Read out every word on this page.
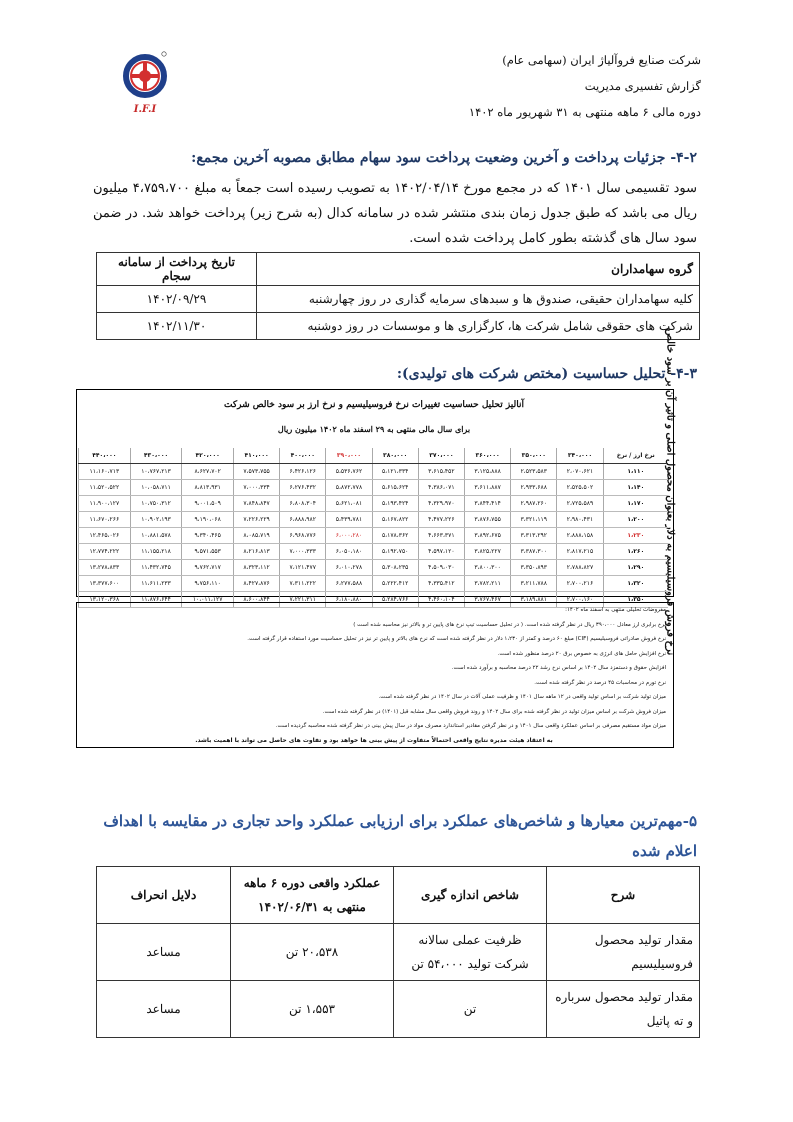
شرکت صنایع فروآلیاژ ایران (سهامی عام)
گزارش تفسیری مدیریت
دوره مالی ۶ ماهه منتهی به ۳۱ شهریور ماه ۱۴۰۲
I.F.I
۴-۲- جزئیات پرداخت و آخرین وضعیت پرداخت سود سهام مطابق مصوبه آخرین مجمع:
سود تقسیمی سال ۱۴۰۱ که در مجمع مورخ ۱۴۰۲/۰۴/۱۴ به تصویب رسیده است جمعاً به مبلغ ۴،۷۵۹،۷۰۰ میلیون ریال می باشد که طبق جدول زمان بندی منتشر شده در سامانه کدال (به شرح زیر) پرداخت خواهد شد. در ضمن سود سال های گذشته بطور کامل پرداخت شده است.
گروه سهامداران	تاریخ پرداخت از سامانه سجام
کلیه سهامداران حقیقی، صندوق ها و سبدهای سرمایه گذاری در روز چهارشنبه	۱۴۰۲/۰۹/۲۹
شرکت های حقوقی شامل شرکت ها، کارگزاری ها و موسسات در روز دوشنبه	۱۴۰۲/۱۱/۳۰
۴-۳- تحلیل حساسیت (مختص شرکت های تولیدی):
آنالیز تحلیل حساسیت تغییرات نرخ فروسیلیسیم و نرخ ارز بر سود خالص شرکت
برای سال مالی منتهی به ۲۹ اسفند ماه ۱۴۰۲ میلیون ریال	نرخ فروش فروسیلیسیم به دلار بعنوان محصول اصلی و تاثیر آن بر سود خالص
نرخ ارز / نرخ	۳۴۰،۰۰۰	۳۵۰،۰۰۰	۳۶۰،۰۰۰	۳۷۰،۰۰۰	۳۸۰،۰۰۰	۳۹۰،۰۰۰	۴۰۰،۰۰۰	۴۱۰،۰۰۰	۴۲۰،۰۰۰	۴۳۰،۰۰۰	۴۴۰،۰۰۰
۱،۱۱۰	۲،۰۷۰،۶۲۱	۲،۵۲۳،۵۸۳	۳،۱۲۵،۸۸۸	۳،۶۱۵،۴۵۲	۵،۱۲۱،۳۳۴	۵،۵۳۶،۷۶۲	۶،۴۲۶،۱۲۶	۷،۵۷۳،۷۵۵	۸،۶۲۷،۷۰۲	۱۰،۷۶۷،۲۱۳	۱۱،۱۶۰،۷۱۳
۱،۱۴۰	۲،۵۲۵،۵۰۲	۲،۹۳۳،۶۸۸	۳،۶۱۱،۸۸۷	۴،۳۸۶،۰۷۱	۵،۶۱۵،۶۲۴	۵،۸۷۲،۷۷۸	۶،۲۷۶،۴۳۲	۷،۰۰۰،۳۳۴	۸،۸۱۳،۹۳۱	۱۰،۰۵۸،۷۱۱	۱۱،۵۲۰،۵۲۲
۱،۱۷۰	۲،۷۲۵،۵۸۹	۲،۹۸۷،۲۶۰	۳،۸۴۴،۴۱۴	۴،۳۲۹،۹۷۰	۵،۱۹۳،۴۲۴	۵،۶۲۱،۰۸۱	۶،۸۰۸،۳۰۴	۷،۸۴۸،۸۴۷	۹،۰۰۱،۵۰۹	۱۰،۷۵۰،۳۱۲	۱۱،۹۰۰،۱۲۷
۱،۲۰۰	۲،۹۸۰،۴۳۱	۳،۳۲۱،۱۱۹	۳،۸۷۶،۷۵۵	۴،۴۷۷،۲۲۶	۵،۱۶۷،۸۲۲	۵،۴۳۹،۷۸۱	۶،۸۸۸،۹۸۲	۷،۲۲۶،۲۲۹	۹،۱۹۰،۰۶۸	۱۰،۹۰۲،۱۹۳	۱۱،۶۷۰،۲۶۶
۱،۲۳۰	۲،۸۸۸،۱۵۸	۳،۳۱۳،۲۹۲	۳،۸۹۲،۶۷۵	۴،۶۶۳،۳۷۱	۵،۱۷۸،۳۶۲	۶،۰۰۰،۲۸۰	۶،۹۶۸،۷۷۶	۸،۰۸۵،۷۱۹	۹،۳۴۰،۴۶۵	۱۰،۸۸۱،۵۷۸	۱۲،۴۶۵،۰۲۶
۱،۲۶۰	۲،۸۱۷،۲۱۵	۳،۳۸۷،۳۰۰	۳،۸۲۵،۲۲۷	۴،۵۹۷،۱۲۰	۵،۱۹۲،۷۵۰	۶،۰۵۰،۱۸۰	۷،۰۰۰،۳۳۳	۸،۲۱۶،۸۱۳	۹،۵۷۱،۵۵۳	۱۱،۱۵۵،۲۱۸	۱۲،۷۷۴،۲۲۲
۱،۲۹۰	۲،۷۸۸،۸۲۷	۳،۳۵۰،۸۹۳	۳،۸۰۰،۳۰۰	۴،۵۰۹،۰۳۰	۵،۳۰۸،۲۳۵	۶،۰۱۰،۲۷۸	۷،۱۲۱،۴۷۷	۸،۳۲۳،۱۱۲	۹،۷۶۲،۷۱۷	۱۱،۴۳۲،۷۴۵	۱۳،۲۷۸،۸۳۳
۱،۳۲۰	۲،۷۰۰،۲۱۶	۳،۲۱۱،۷۸۸	۳،۷۸۲،۲۱۱	۴،۳۳۵،۴۱۲	۵،۲۲۲،۴۱۲	۶،۲۷۷،۵۸۸	۷،۳۱۱،۲۲۲	۸،۴۲۷،۸۷۶	۹،۷۵۶،۱۱۰	۱۱،۶۱۱،۲۳۳	۱۳،۳۷۷،۶۰۰
۱،۳۵۰	۲،۷۰۰،۱۶۰	۳،۱۸۹،۸۸۱	۳،۷۶۷،۴۶۷	۴،۴۶۰،۱۰۴	۵،۲۸۴،۷۶۶	۶،۱۸۰،۸۸۰	۷،۲۲۱،۳۱۱	۸،۶۰۰،۸۴۴	۱۰،۰۱۱،۱۲۷	۱۱،۸۷۶،۶۴۴	۱۳،۱۲۰،۳۶۸
مفروضات تحلیلی منتهی به اسفند ماه ۱۴۰۲:
نرخ برابری ارز معادل ۳۹۰،۰۰۰ ریال در نظر گرفته شده است. ( در تحلیل حساسیت تیپ نرخ های پایین تر و بالاتر نیز محاسبه شده است )
نرخ فروش صادراتی فروسیلیسیم (CIF) مبلغ ۶۰ درصد و کمتر از ۱،۲۳۰ دلار در نظر گرفته شده است که نرخ های بالاتر و پایین تر نیز در تحلیل حساسیت مورد استفاده قرار گرفته است.
نرخ افزایش حامل های انرژی به خصوص برق ۲۰ درصد منظور شده است.
افزایش حقوق و دستمزد سال ۱۴۰۲ بر اساس نرخ رشد ۲۲ درصد محاسبه و برآورد شده است.
نرخ تورم در محاسبات ۴۵ درصد در نظر گرفته شده است.
میزان تولید شرکت بر اساس تولید واقعی در ۱۲ ماهه سال ۱۴۰۱ و ظرفیت عملی آلات در سال ۱۴۰۲ در نظر گرفته شده است.
میزان فروش شرکت بر اساس میزان تولید در نظر گرفته شده برای سال ۱۴۰۲ و روند فروش واقعی سال مشابه قبل (۱۴۰۱) در نظر گرفته شده است.
میزان مواد مستقیم مصرفی بر اساس عملکرد واقعی سال ۱۴۰۱ و در نظر گرفتن مقادیر استاندارد مصرف مواد در سال پیش بینی در نظر گرفته شده محاسبه گردیده است.
به اعتقاد هیئت مدیره نتایج واقعی احتمالاً متفاوت از پیش بینی ها خواهد بود و تفاوت های حاصل می تواند با اهمیت باشد.
۵-مهم‌ترین معیارها و شاخص‌های عملکرد برای ارزیابی عملکرد واحد تجاری در مقایسه با اهداف اعلام شده
شرح	شاخص اندازه گیری	عملکرد واقعی دوره ۶ ماهه منتهی به ۱۴۰۲/۰۶/۳۱	دلایل انحراف
مقدار تولید محصول فروسیلیسیم	ظرفیت عملی سالانه شرکت تولید ۵۴،۰۰۰ تن	۲۰،۵۳۸ تن	مساعد
مقدار تولید محصول سرباره و ته پاتیل	تن	۱،۵۵۳ تن	مساعد
